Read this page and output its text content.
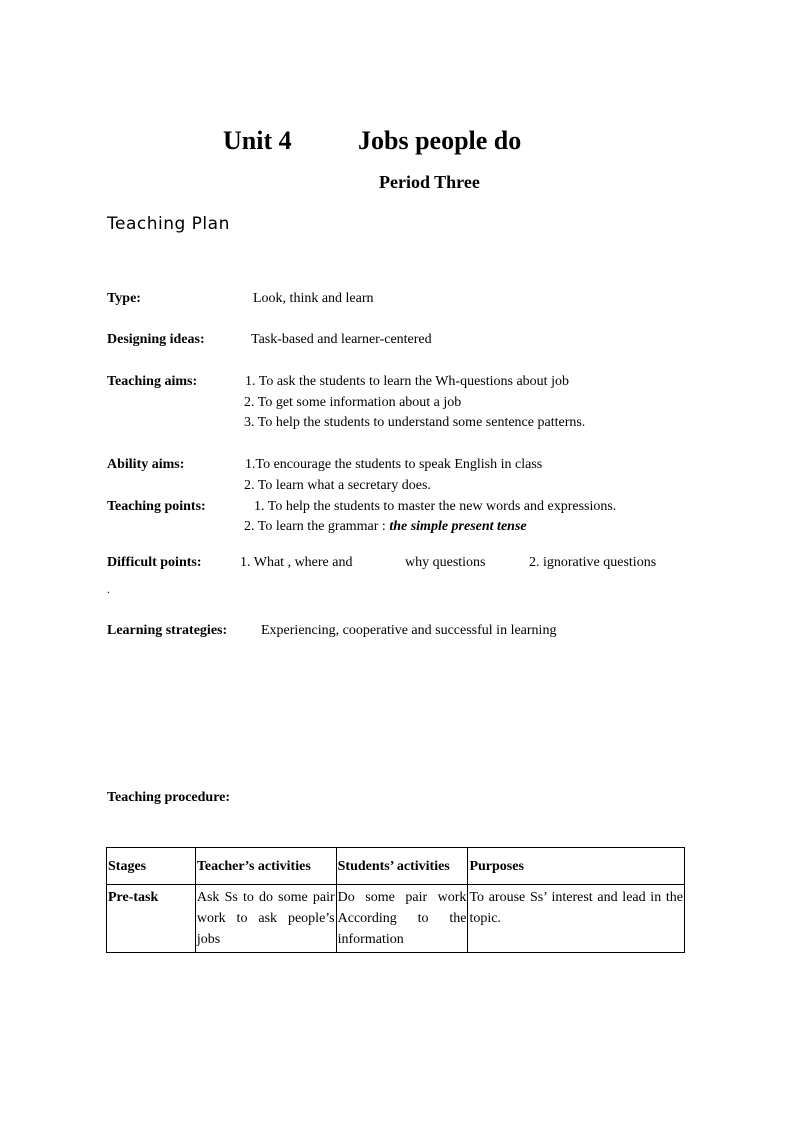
Unit 4	Jobs people do
Period Three
Teaching Plan
Type:	Look, think and learn
Designing ideas:	Task-based and learner-centered
Teaching aims:	1. To ask the students to learn the Wh-questions about job
2. To get some information about a job
3. To help the students to understand some sentence patterns.
Ability aims:	1.To encourage the students to speak English in class
2. To learn what a secretary does.
Teaching points:	1. To help the students to master the new words and expressions.
2. To learn the grammar : the simple present tense
Difficult points:	1. What , where and	why questions	2. ignorative questions
.
Learning strategies: Experiencing, cooperative and successful in learning
Teaching procedure:
Stages	Teacher’s activities	Students’ activities	Purposes
Pre-task	Ask Ss to do some pair work to ask people’s jobs	Do some pair work According to the information	To arouse Ss’ interest and lead in the topic.
